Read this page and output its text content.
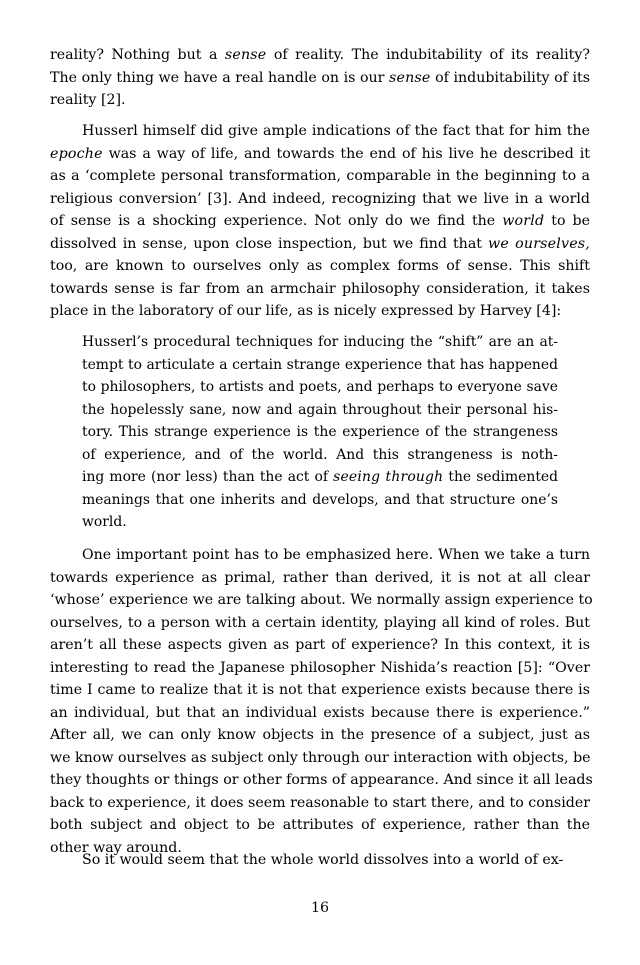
16
reality? Nothing but a sense of reality. The indubitability of its reality?
The only thing we have a real handle on is our sense of indubitability of its
reality [2].
Husserl himself did give ample indications of the fact that for him the
epoche was a way of life, and towards the end of his live he described it
as a ‘complete personal transformation, comparable in the beginning to a
religious conversion’ [3]. And indeed, recognizing that we live in a world
of sense is a shocking experience. Not only do we find the world to be
dissolved in sense, upon close inspection, but we find that we ourselves,
too, are known to ourselves only as complex forms of sense. This shift
towards sense is far from an armchair philosophy consideration, it takes
place in the laboratory of our life, as is nicely expressed by Harvey [4]:
Husserl’s procedural techniques for inducing the “shift” are an at-
tempt to articulate a certain strange experience that has happened
to philosophers, to artists and poets, and perhaps to everyone save
the hopelessly sane, now and again throughout their personal his-
tory. This strange experience is the experience of the strangeness
of experience, and of the world. And this strangeness is noth-
ing more (nor less) than the act of seeing through the sedimented
meanings that one inherits and develops, and that structure one’s
world.
One important point has to be emphasized here. When we take a turn
towards experience as primal, rather than derived, it is not at all clear
‘whose’ experience we are talking about. We normally assign experience to
ourselves, to a person with a certain identity, playing all kind of roles. But
aren’t all these aspects given as part of experience? In this context, it is
interesting to read the Japanese philosopher Nishida’s reaction [5]: “Over
time I came to realize that it is not that experience exists because there is
an individual, but that an individual exists because there is experience.”
After all, we can only know objects in the presence of a subject, just as
we know ourselves as subject only through our interaction with objects, be
they thoughts or things or other forms of appearance. And since it all leads
back to experience, it does seem reasonable to start there, and to consider
both subject and object to be attributes of experience, rather than the
other way around.
So it would seem that the whole world dissolves into a world of ex-
